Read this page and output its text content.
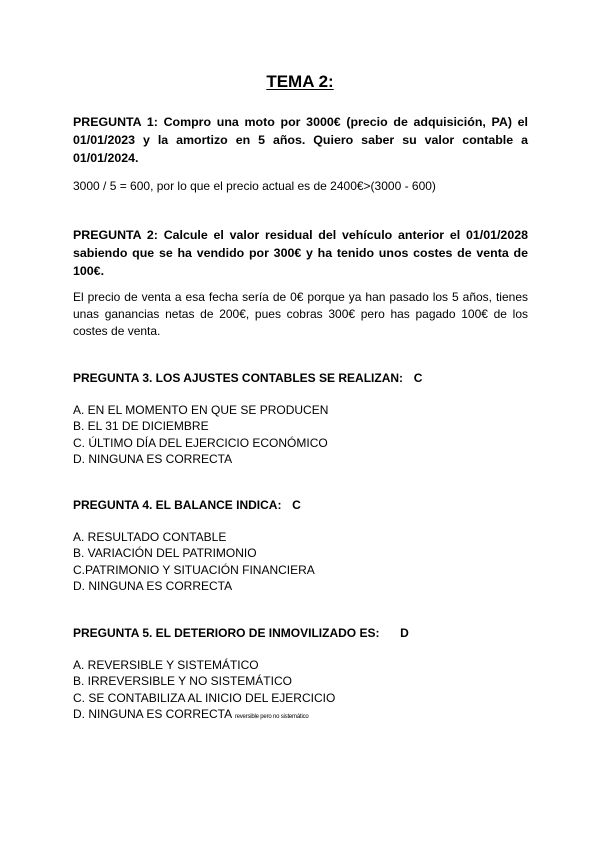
TEMA 2:

PREGUNTA 1: Compro una moto por 3000€ (precio de adquisición, PA) el 01/01/2023 y la amortizo en 5 años. Quiero saber su valor contable a 01/01/2024.

3000 / 5 = 600, por lo que el precio actual es de 2400€>(3000 - 600)

PREGUNTA 2: Calcule el valor residual del vehículo anterior el 01/01/2028 sabiendo que se ha vendido por 300€ y ha tenido unos costes de venta de 100€.

El precio de venta a esa fecha sería de 0€ porque ya han pasado los 5 años, tienes unas ganancias netas de 200€, pues cobras 300€ pero has pagado 100€ de los costes de venta.

PREGUNTA 3. LOS AJUSTES CONTABLES SE REALIZAN: C

A. EN EL MOMENTO EN QUE SE PRODUCEN
B. EL 31 DE DICIEMBRE
C. ÚLTIMO DÍA DEL EJERCICIO ECONÓMICO
D. NINGUNA ES CORRECTA

PREGUNTA 4. EL BALANCE INDICA: C

A. RESULTADO CONTABLE
B. VARIACIÓN DEL PATRIMONIO
C.PATRIMONIO Y SITUACIÓN FINANCIERA
D. NINGUNA ES CORRECTA

PREGUNTA 5. EL DETERIORO DE INMOVILIZADO ES: D

A. REVERSIBLE Y SISTEMÁTICO
B. IRREVERSIBLE Y NO SISTEMÁTICO
C. SE CONTABILIZA AL INICIO DEL EJERCICIO
D. NINGUNA ES CORRECTA reversible pero no sistemático
